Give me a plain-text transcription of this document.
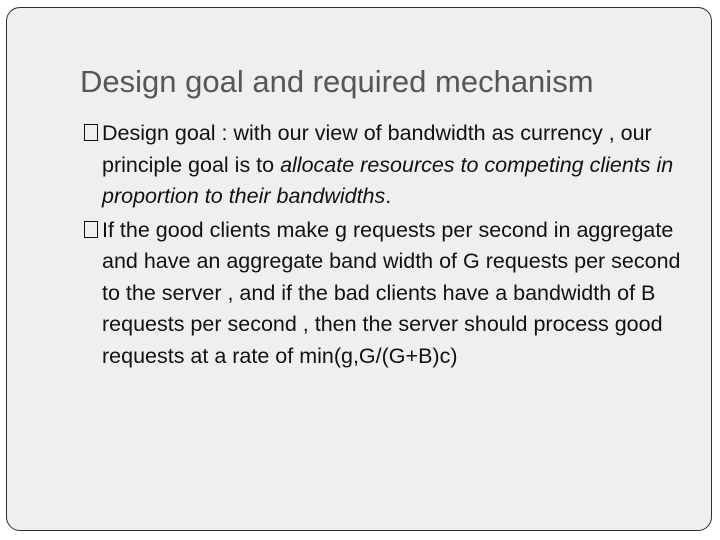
Design goal and required mechanism
Design goal : with our view of bandwidth as currency , our principle goal is to allocate resources to competing clients in proportion to their bandwidths.
If the good clients make g requests per second in aggregate and have an aggregate band width of G requests per second to the server , and if the bad clients have a bandwidth of B requests per second , then the server should process good requests at a rate of min(g,G/(G+B)c)
